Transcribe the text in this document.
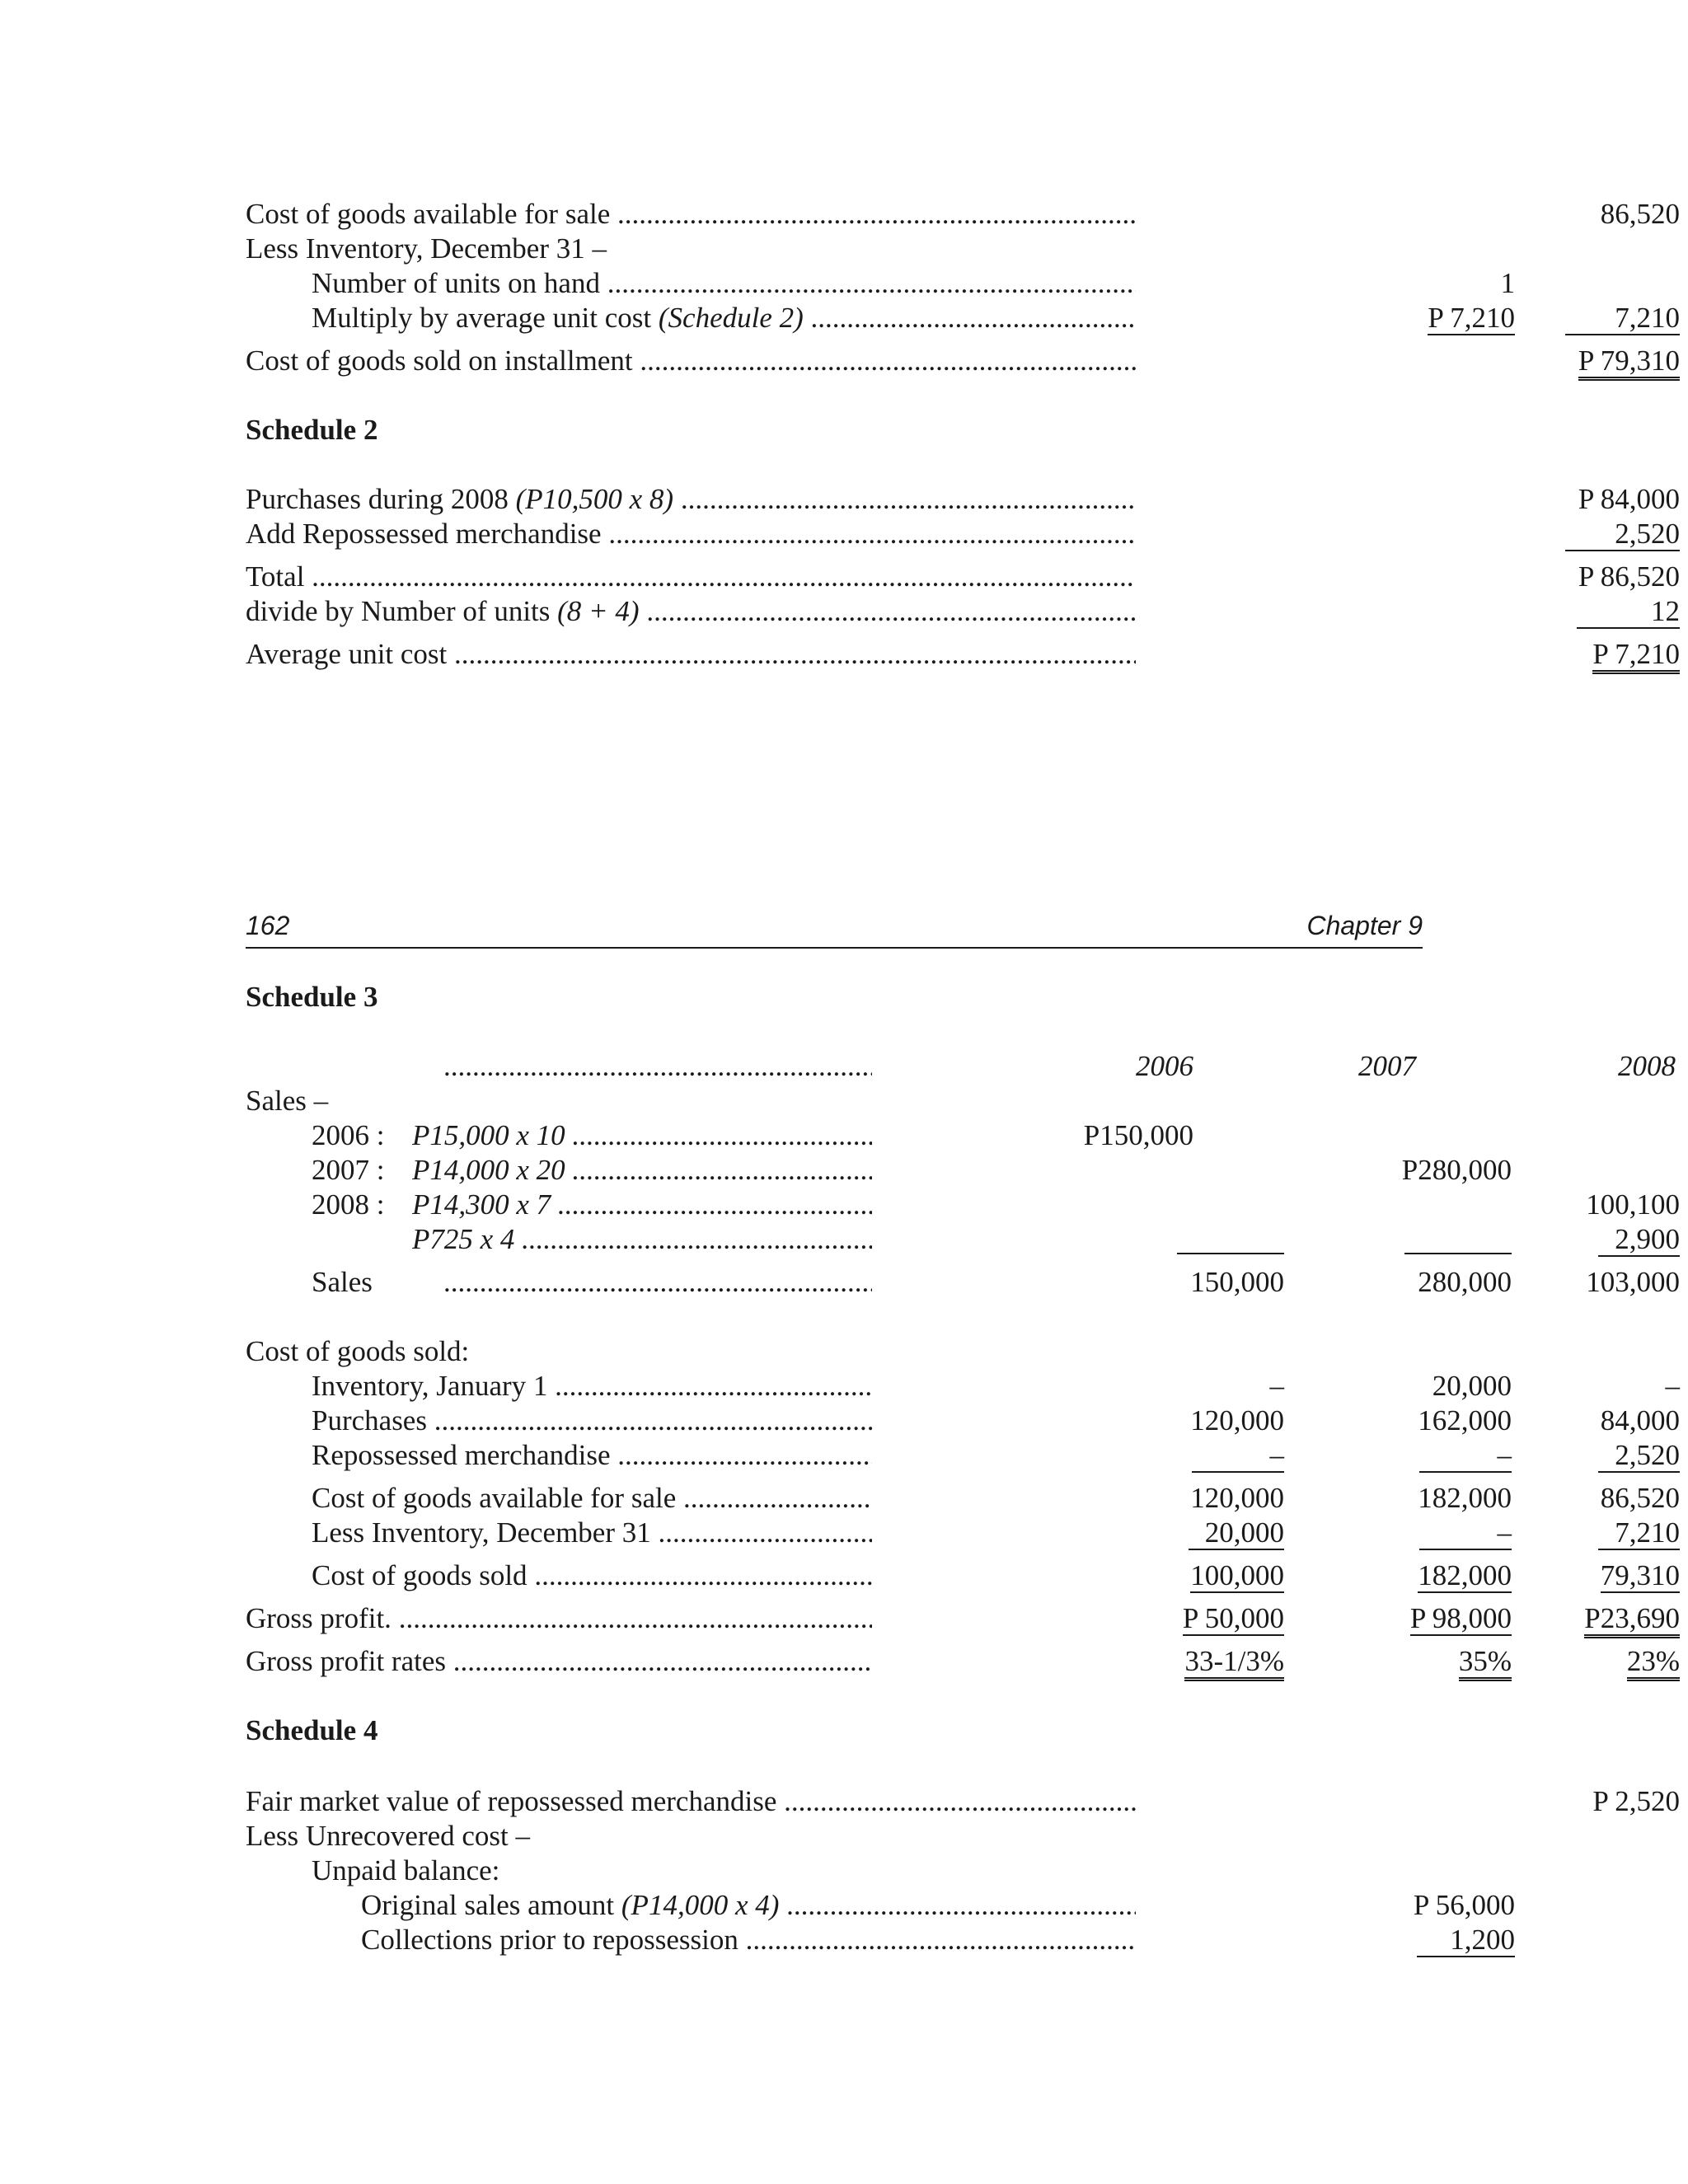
Cost of goods available for sale .....	86,520
Less Inventory, December 31 –
Number of units on hand .....	1
Multiply by average unit cost (Schedule 2) .....	P 7,210	7,210
Cost of goods sold on installment .....	P 79,310
Schedule 2
Purchases during 2008 (P10,500 x 8) .....	P 84,000
Add Repossessed merchandise .....	2,520
Total .....	P 86,520
divide by Number of units (8 + 4) .....	12
Average unit cost .....	P 7,210
162	Chapter 9
Schedule 3
.....
2006	2007	2008
Sales –
2006 : P15,000 x 10 .....	P150,000
2007 : P14,000 x 20 .....	P280,000
2008 : P14,300 x 7 .....	100,100
P725 x 4 .....	2,900
Sales
.....	150,000	280,000	103,000
Cost of goods sold:
Inventory, January 1 .....	–	20,000	–
Purchases .....	120,000	162,000	84,000
Repossessed merchandise .....	–	–	2,520
Cost of goods available for sale .....	120,000	182,000	86,520
Less Inventory, December 31 .....	20,000	–	7,210
Cost of goods sold .....	100,000	182,000	79,310
Gross profit. .....	P 50,000	P 98,000	P23,690
Gross profit rates .....	33-1/3%	35%	23%
Schedule 4
Fair market value of repossessed merchandise .....	P 2,520
Less Unrecovered cost –
Unpaid balance:
Original sales amount (P14,000 x 4) .....	P 56,000
Collections prior to repossession .....	1,200
